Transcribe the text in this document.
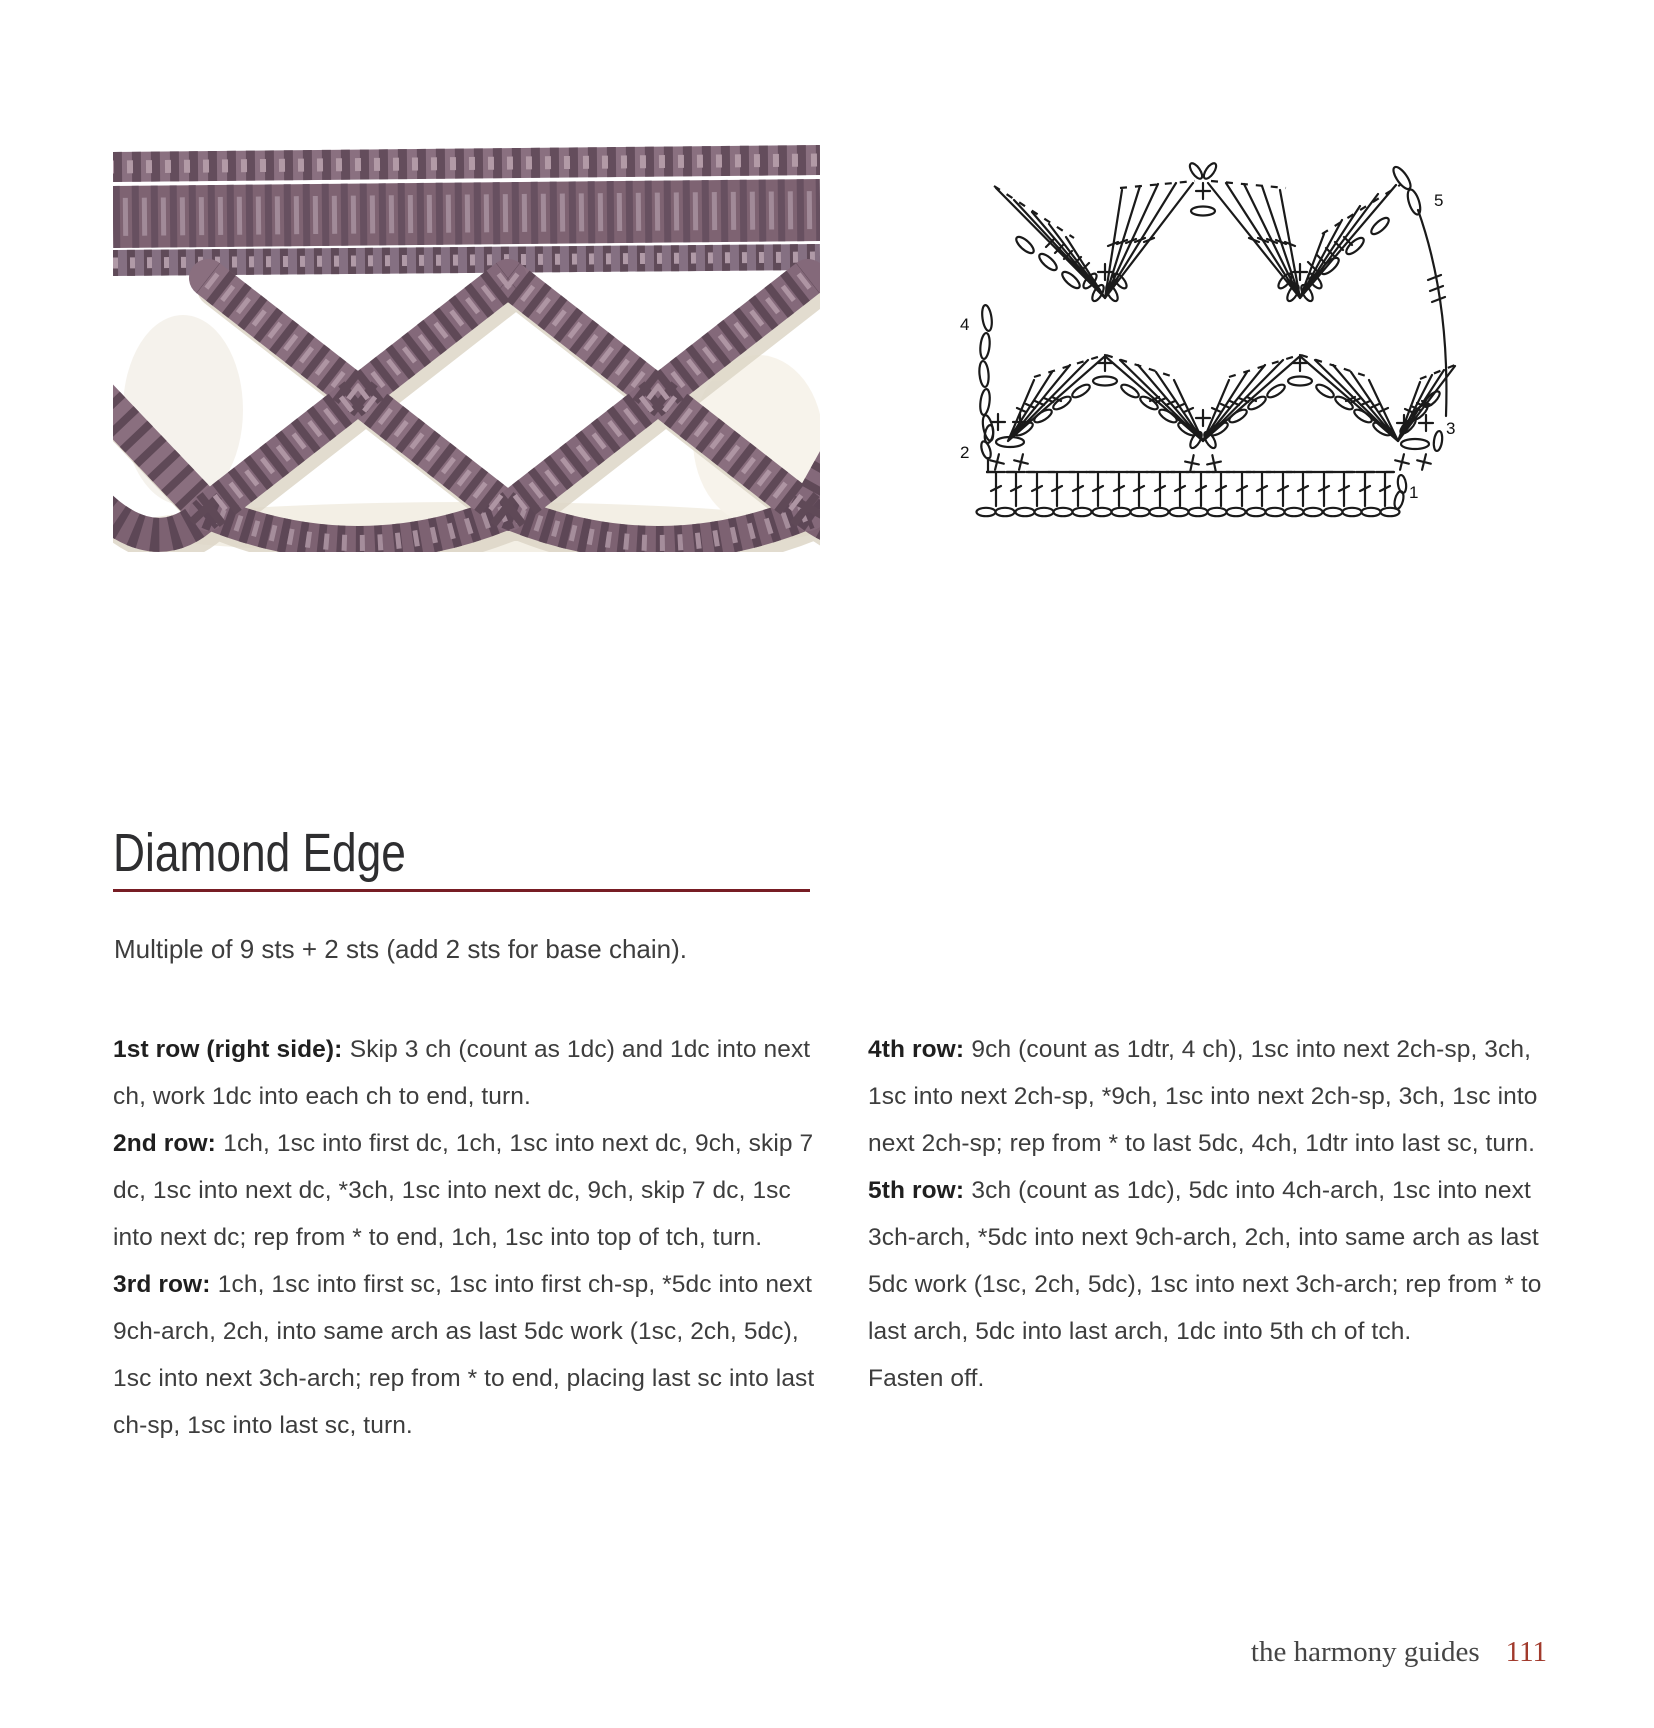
1
2
3
4
5
Diamond Edge
Multiple of 9 sts + 2 sts (add 2 sts for base chain).

1st row (right side): Skip 3 ch (count as 1dc) and 1dc into next ch, work 1dc into each ch to end, turn.

2nd row: 1ch, 1sc into first dc, 1ch, 1sc into next dc, 9ch, skip 7 dc, 1sc into next dc, *3ch, 1sc into next dc, 9ch, skip 7 dc, 1sc into next dc; rep from * to end, 1ch, 1sc into top of tch, turn.

3rd row: 1ch, 1sc into first sc, 1sc into first ch-sp, *5dc into next 9ch-arch, 2ch, into same arch as last 5dc work (1sc, 2ch, 5dc), 1sc into next 3ch-arch; rep from * to end, placing last sc into last ch-sp, 1sc into last sc, turn.

4th row: 9ch (count as 1dtr, 4 ch), 1sc into next 2ch-sp, 3ch, 1sc into next 2ch-sp, *9ch, 1sc into next 2ch-sp, 3ch, 1sc into next 2ch-sp; rep from * to last 5dc, 4ch, 1dtr into last sc, turn.

5th row: 3ch (count as 1dc), 5dc into 4ch-arch, 1sc into next 3ch-arch, *5dc into next 9ch-arch, 2ch, into same arch as last 5dc work (1sc, 2ch, 5dc), 1sc into next 3ch-arch; rep from * to last arch, 5dc into last arch, 1dc into 5th ch of tch.

Fasten off.

the harmony guides 111
